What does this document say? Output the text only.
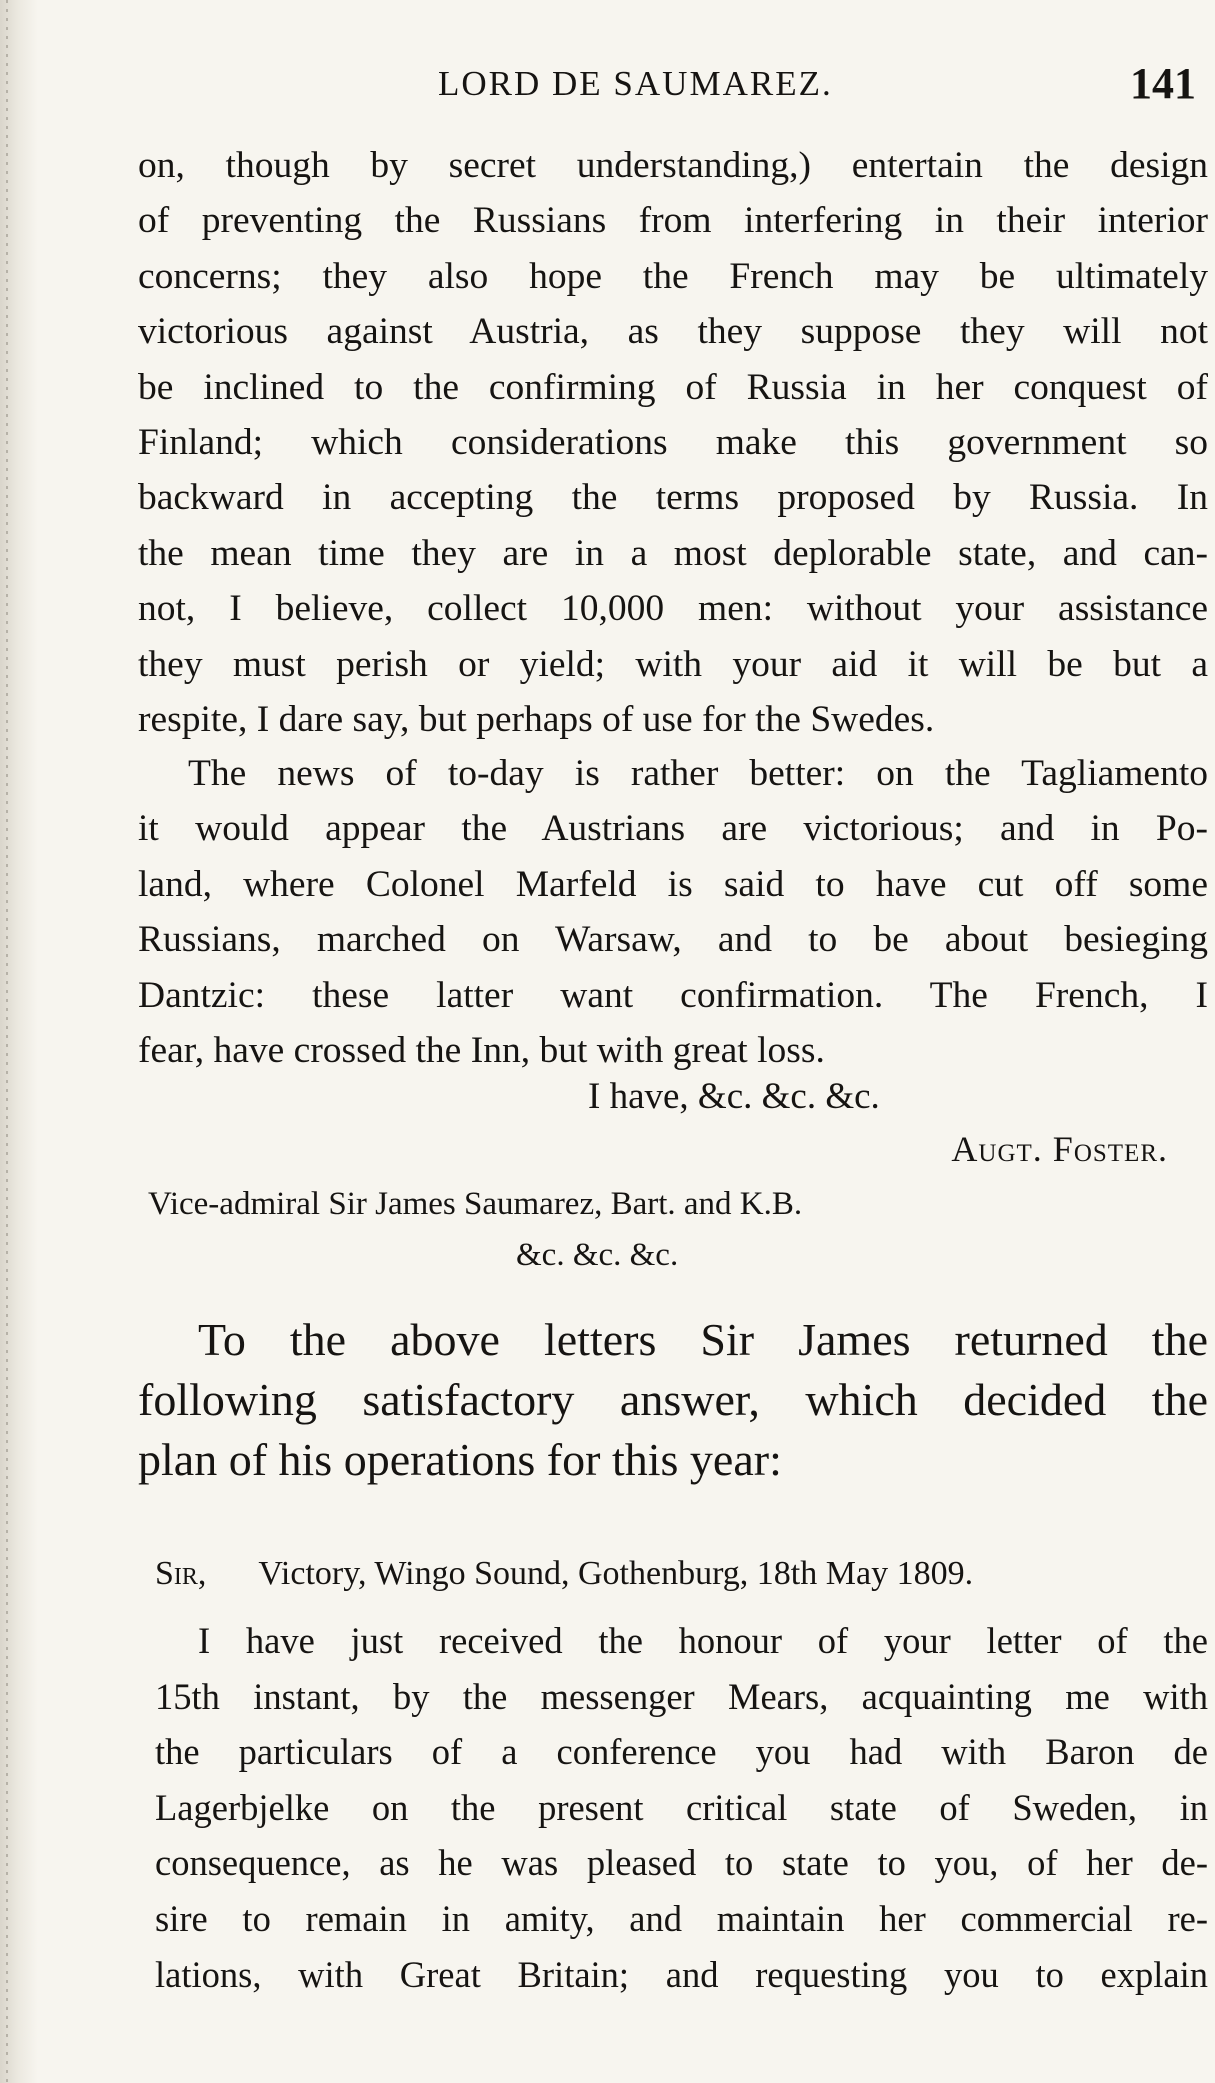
LORD DE SAUMAREZ.	141
on, though by secret understanding,) entertain the design
of preventing the Russians from interfering in their interior
concerns; they also hope the French may be ultimately
victorious against Austria, as they suppose they will not
be inclined to the confirming of Russia in her conquest of
Finland; which considerations make this government so
backward in accepting the terms proposed by Russia. In
the mean time they are in a most deplorable state, and can-
not, I believe, collect 10,000 men: without your assistance
they must perish or yield; with your aid it will be but a
respite, I dare say, but perhaps of use for the Swedes.
The news of to-day is rather better: on the Tagliamento
it would appear the Austrians are victorious; and in Po-
land, where Colonel Marfeld is said to have cut off some
Russians, marched on Warsaw, and to be about besieging
Dantzic: these latter want confirmation. The French, I
fear, have crossed the Inn, but with great loss.
I have, &c. &c. &c.
Augt. Foster.
Vice-admiral Sir James Saumarez, Bart. and K.B.
&c. &c. &c.
To the above letters Sir James returned the
following satisfactory answer, which decided the
plan of his operations for this year:
Sir, Victory, Wingo Sound, Gothenburg, 18th May 1809.
I have just received the honour of your letter of the
15th instant, by the messenger Mears, acquainting me with
the particulars of a conference you had with Baron de
Lagerbjelke on the present critical state of Sweden, in
consequence, as he was pleased to state to you, of her de-
sire to remain in amity, and maintain her commercial re-
lations, with Great Britain; and requesting you to explain
